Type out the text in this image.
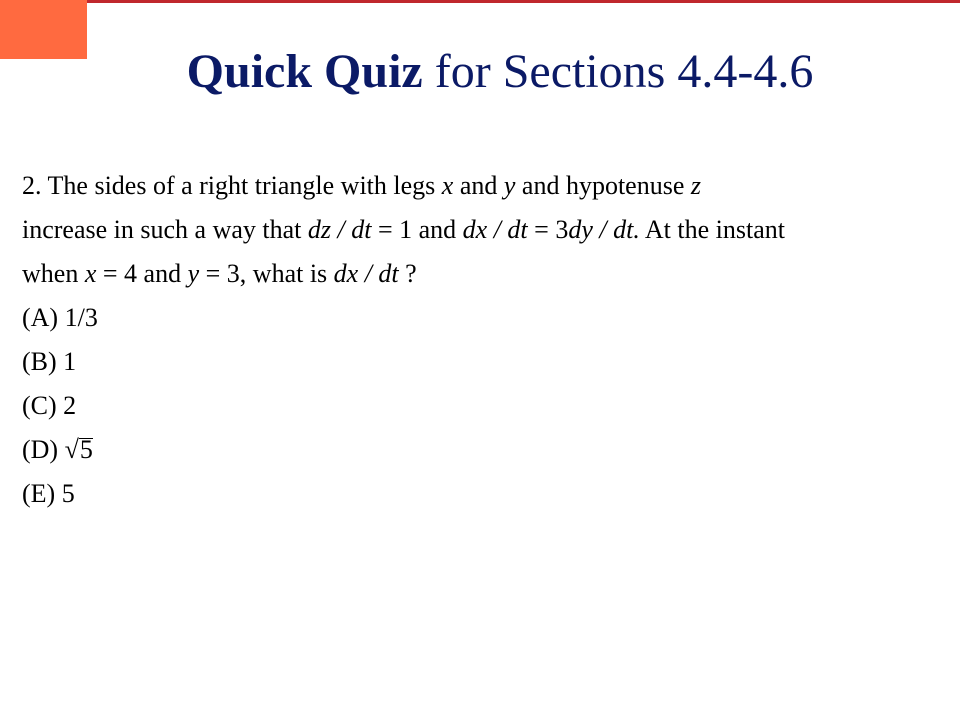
Quick Quiz for Sections 4.4-4.6
2. The sides of a right triangle with legs x and y and hypotenuse z
increase in such a way that dz / dt = 1 and dx / dt = 3dy / dt. At the instant
when x = 4 and y = 3, what is dx / dt ?
(A) 1/3
(B) 1
(C) 2
(D) √5
(E) 5
